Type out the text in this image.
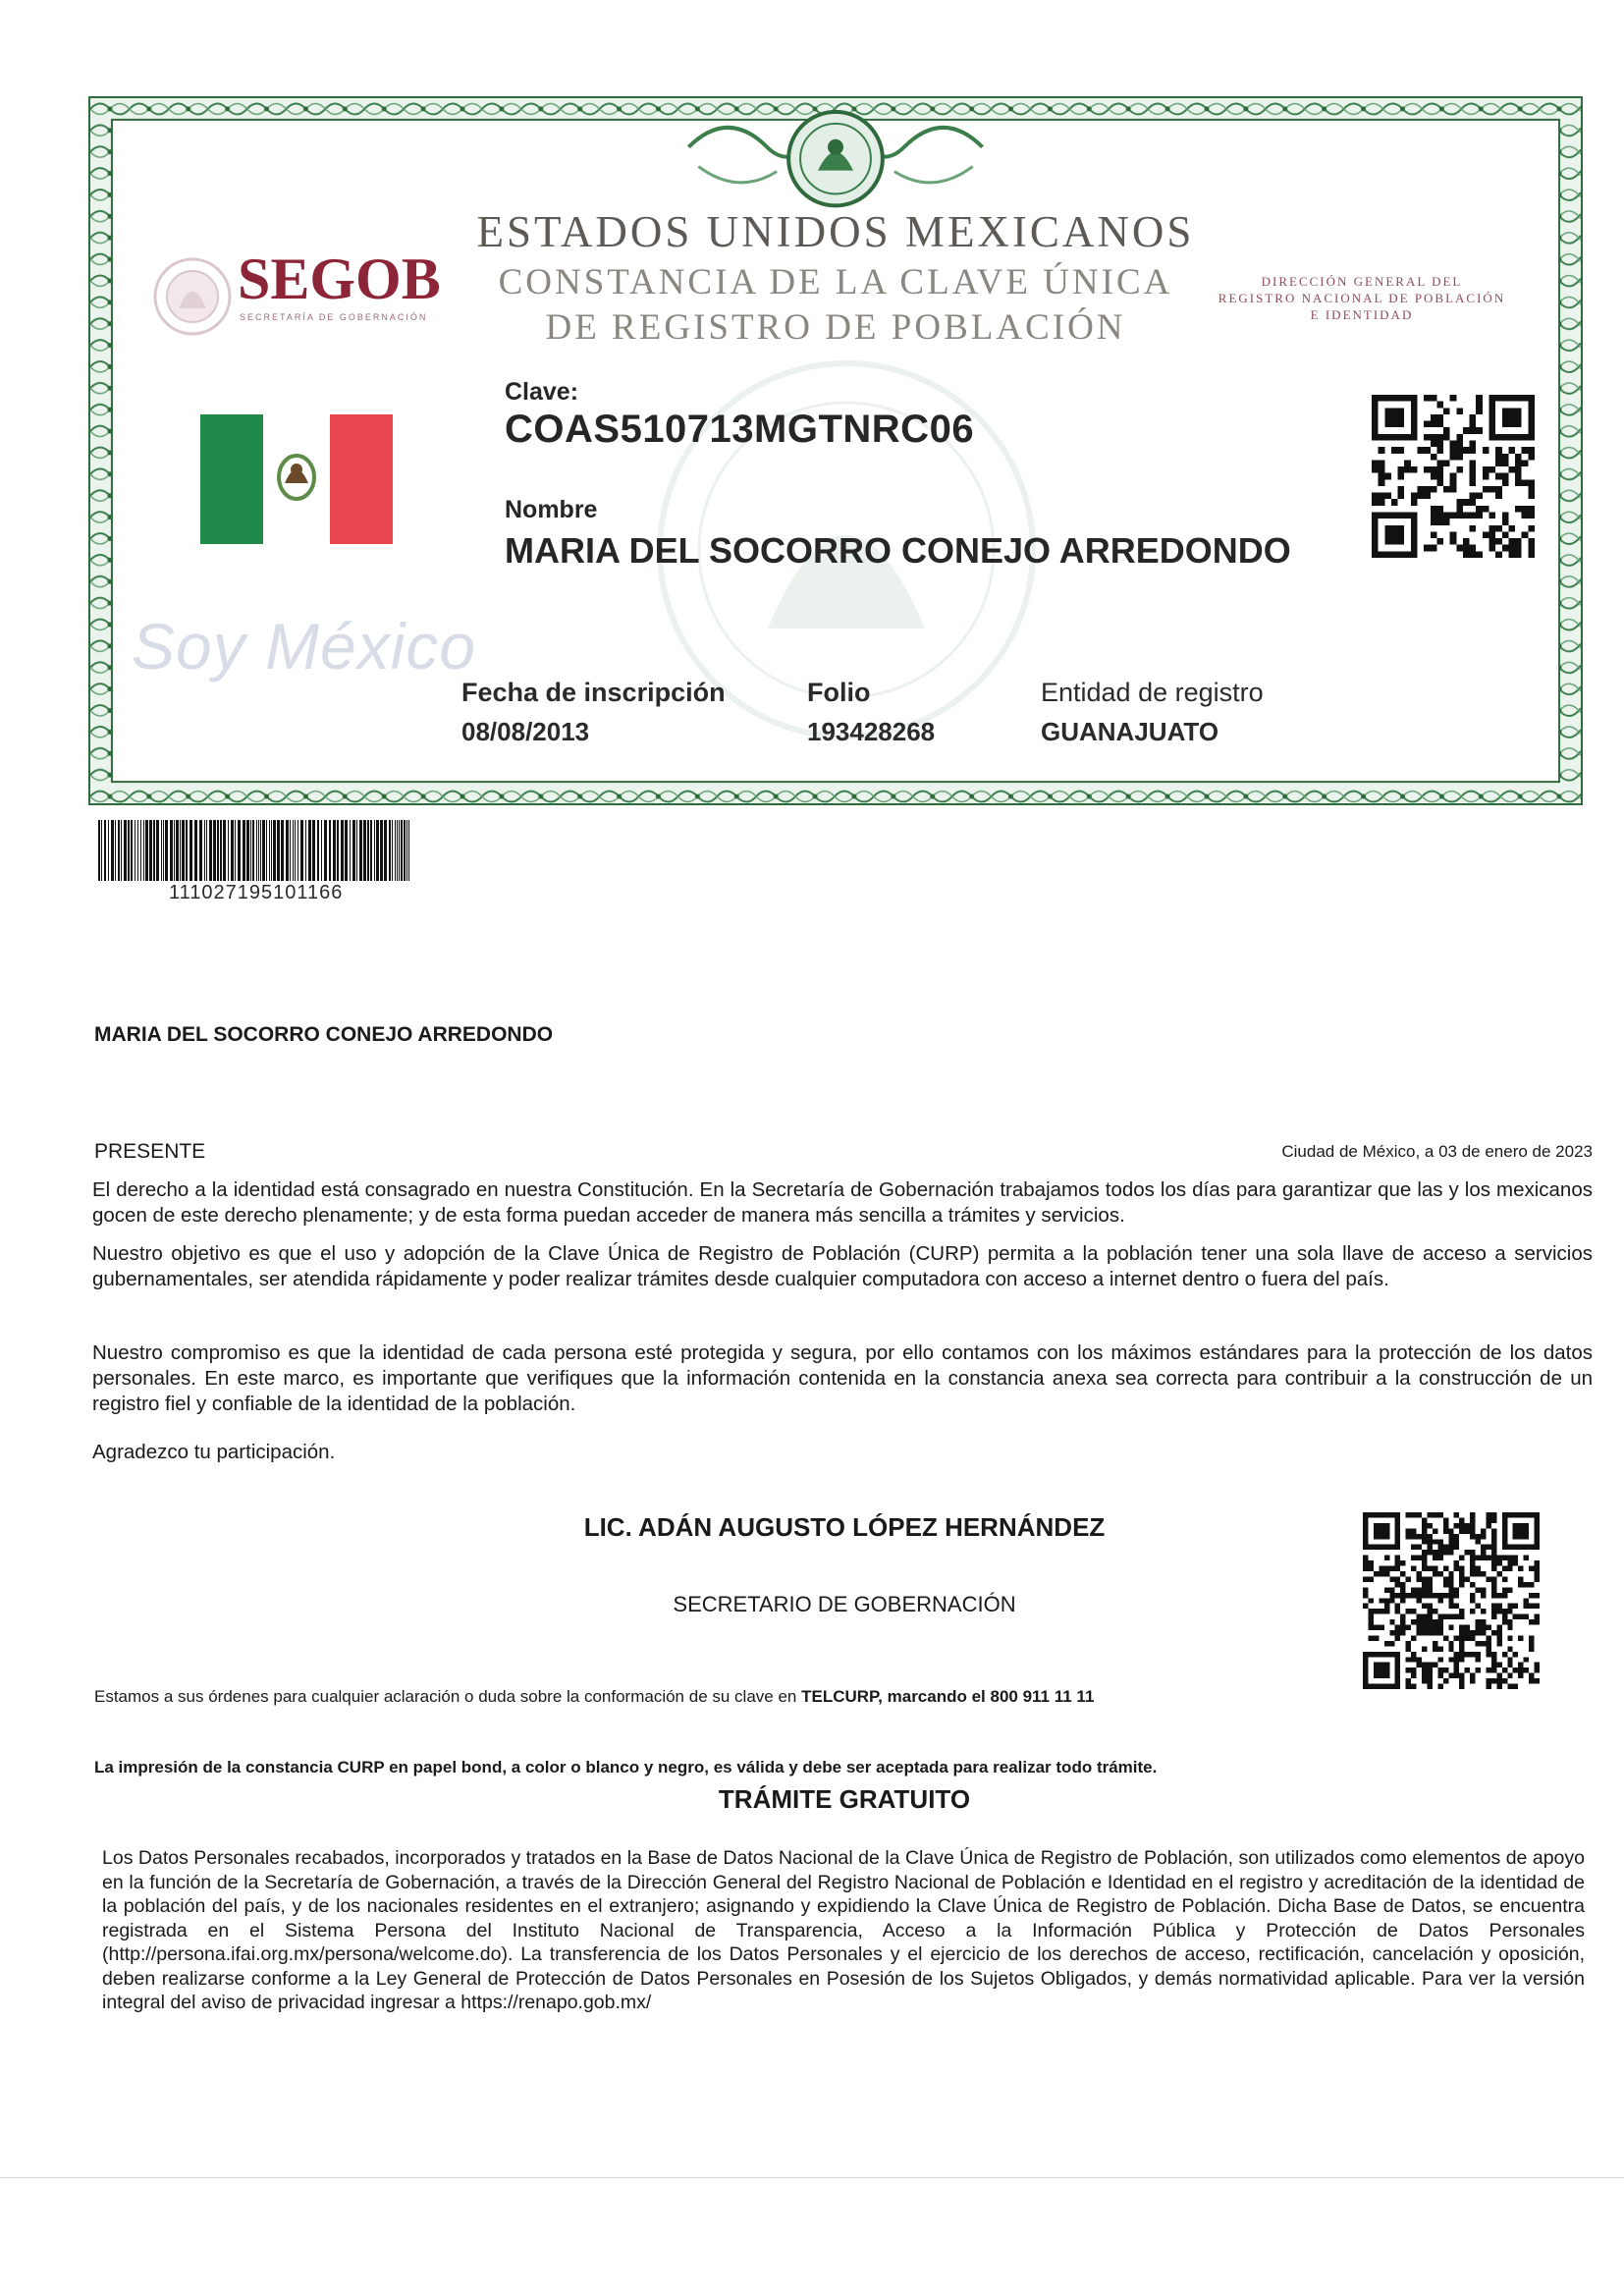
ESTADOS UNIDOS MEXICANOS
CONSTANCIA DE LA CLAVE ÚNICA
DE REGISTRO DE POBLACIÓN
SEGOB
SECRETARÍA DE GOBERNACIÓN
DIRECCIÓN GENERAL DEL
REGISTRO NACIONAL DE POBLACIÓN
E IDENTIDAD
Clave:
COAS510713MGTNRC06
Nombre
MARIA DEL SOCORRO CONEJO ARREDONDO
Soy México
Fecha de inscripción
08/08/2013
Folio
193428268
Entidad de registro
GUANAJUATO
111027195101166
MARIA DEL SOCORRO CONEJO ARREDONDO
PRESENTE	Ciudad de México, a 03 de enero de 2023
El derecho a la identidad está consagrado en nuestra Constitución. En la Secretaría de Gobernación trabajamos todos los días para garantizar que las y los mexicanos gocen de este derecho plenamente; y de esta forma puedan acceder de manera más sencilla a trámites y servicios.
Nuestro objetivo es que el uso y adopción de la Clave Única de Registro de Población (CURP) permita a la población tener una sola llave de acceso a servicios gubernamentales, ser atendida rápidamente y poder realizar trámites desde cualquier computadora con acceso a internet dentro o fuera del país.
Nuestro compromiso es que la identidad de cada persona esté protegida y segura, por ello contamos con los máximos estándares para la protección de los datos personales. En este marco, es importante que verifiques que la información contenida en la constancia anexa sea correcta para contribuir a la construcción de un registro fiel y confiable de la identidad de la población.
Agradezco tu participación.
LIC. ADÁN AUGUSTO LÓPEZ HERNÁNDEZ
SECRETARIO DE GOBERNACIÓN
Estamos a sus órdenes para cualquier aclaración o duda sobre la conformación de su clave en TELCURP, marcando el 800 911 11 11
La impresión de la constancia CURP en papel bond, a color o blanco y negro, es válida y debe ser aceptada para realizar todo trámite.
TRÁMITE GRATUITO
Los Datos Personales recabados, incorporados y tratados en la Base de Datos Nacional de la Clave Única de Registro de Población, son utilizados como elementos de apoyo en la función de la Secretaría de Gobernación, a través de la Dirección General del Registro Nacional de Población e Identidad en el registro y acreditación de la identidad de la población del país, y de los nacionales residentes en el extranjero; asignando y expidiendo la Clave Única de Registro de Población. Dicha Base de Datos, se encuentra registrada en el Sistema Persona del Instituto Nacional de Transparencia, Acceso a la Información Pública y Protección de Datos Personales (http://persona.ifai.org.mx/persona/welcome.do). La transferencia de los Datos Personales y el ejercicio de los derechos de acceso, rectificación, cancelación y oposición, deben realizarse conforme a la Ley General de Protección de Datos Personales en Posesión de los Sujetos Obligados, y demás normatividad aplicable. Para ver la versión integral del aviso de privacidad ingresar a https://renapo.gob.mx/
